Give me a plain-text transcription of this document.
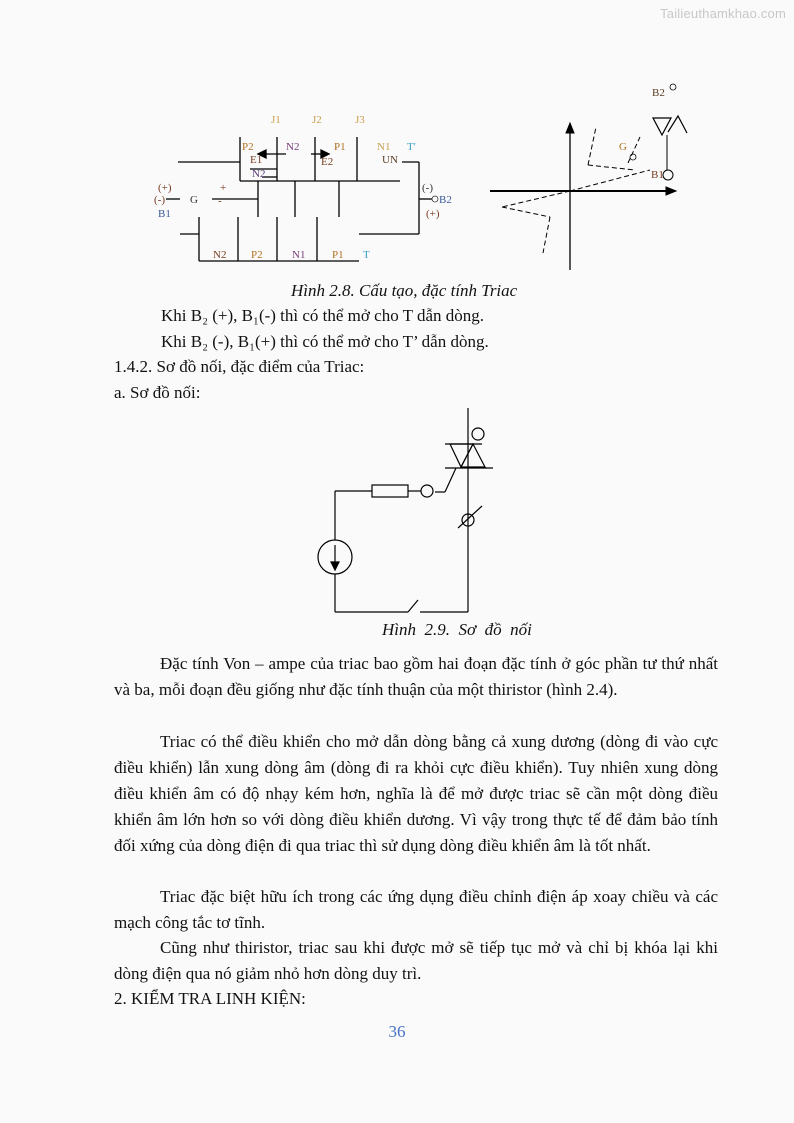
Tailieuthamkhao.com
J1	J2	J3
P2	N2	P1	N1 T'
E1	E2
N2
UN
(+)
(-)
B1
G
+
-
(-)
B2
(+)
N2 P2	N1 P1 T
B2
G
B1
Hình 2.8. Cấu tạo, đặc tính Triac
Khi B₂ (+), B₁(-) thì có thể mở cho T dẫn dòng.
Khi B₂ (-), B₁(+) thì có thể mở cho T’ dẫn dòng.
1.4.2. Sơ đồ nối, đặc điểm của Triac:
a. Sơ đồ nối:
Hình  2.9.  Sơ  đồ  nối
Đặc tính Von – ampe của triac bao gồm hai đoạn đặc tính ở góc phần tư thứ nhất và ba, mỗi đoạn đều giống như đặc tính thuận của một thiristor (hình 2.4).
Triac có thể điều khiển cho mở dẫn dòng bằng cả xung dương (dòng đi vào cực điều khiển) lẫn xung dòng âm (dòng đi ra khỏi cực điều khiển). Tuy nhiên xung dòng điều khiển âm có độ nhạy kém hơn, nghĩa là để mở được triac sẽ cần một dòng điều khiển âm lớn hơn so với dòng điều khiển dương. Vì vậy trong thực tế để đảm bảo tính đối xứng của dòng điện đi qua triac thì sử dụng dòng điều khiển âm là tốt nhất.
Triac đặc biệt hữu ích trong các ứng dụng điều chỉnh điện áp xoay chiều và các mạch công tắc tơ tĩnh.
Cũng như thiristor, triac sau khi được mở sẽ tiếp tục mở và chỉ bị khóa lại khi dòng điện qua nó giảm nhỏ hơn dòng duy trì.
2. KIỂM TRA LINH KIỆN:
36
